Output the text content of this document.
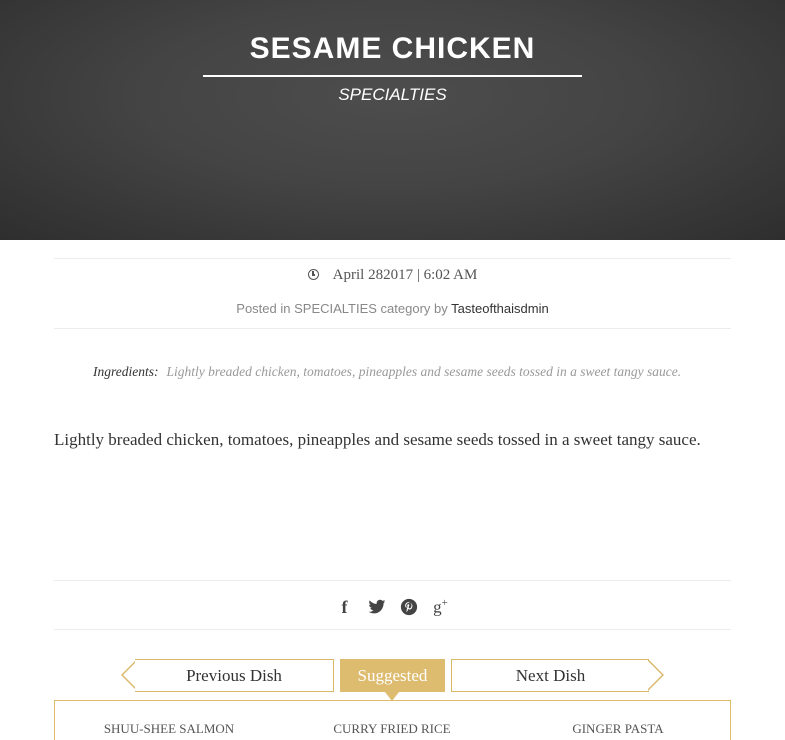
SESAME CHICKEN
SPECIALTIES
April 282017 | 6:02 AM
Posted in SPECIALTIES category by Tasteofthaisdmin
Ingredients: Lightly breaded chicken, tomatoes, pineapples and sesame seeds tossed in a sweet tangy sauce.
Lightly breaded chicken, tomatoes, pineapples and sesame seeds tossed in a sweet tangy sauce.
f	g+
Previous Dish	Suggested	Next Dish
SHUU-SHEE SALMON	CURRY FRIED RICE	GINGER PASTA
